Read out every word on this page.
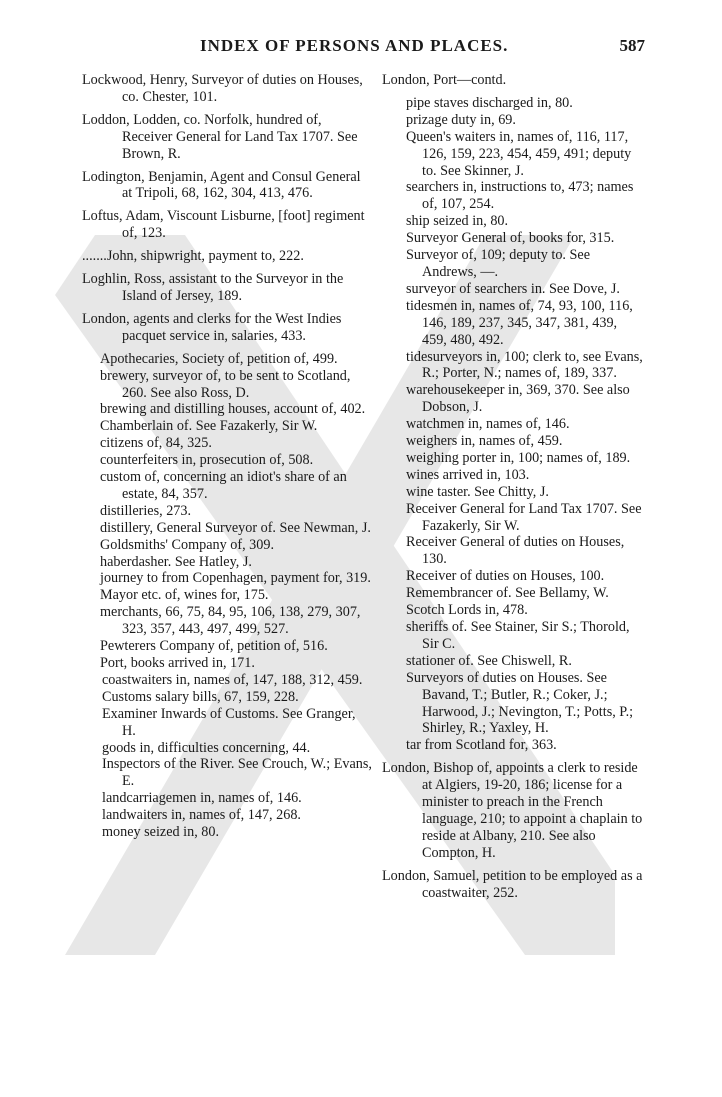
INDEX OF PERSONS AND PLACES.	587
Lockwood, Henry, Surveyor of duties on Houses, co. Chester, 101.
Loddon, Lodden, co. Norfolk, hundred of, Receiver General for Land Tax 1707. See Brown, R.
Lodington, Benjamin, Agent and Consul General at Tripoli, 68, 162, 304, 413, 476.
Loftus, Adam, Viscount Lisburne, [foot] regiment of, 123.
.......John, shipwright, payment to, 222.
Loghlin, Ross, assistant to the Surveyor in the Island of Jersey, 189.
London, agents and clerks for the West Indies pacquet service in, salaries, 433.
Apothecaries, Society of, petition of, 499.
brewery, surveyor of, to be sent to Scotland, 260. See also Ross, D.
brewing and distilling houses, account of, 402.
Chamberlain of. See Fazakerly, Sir W.
citizens of, 84, 325.
counterfeiters in, prosecution of, 508.
custom of, concerning an idiot's share of an estate, 84, 357.
distilleries, 273.
distillery, General Surveyor of. See Newman, J.
Goldsmiths' Company of, 309.
haberdasher. See Hatley, J.
journey to from Copenhagen, payment for, 319.
Mayor etc. of, wines for, 175.
merchants, 66, 75, 84, 95, 106, 138, 279, 307, 323, 357, 443, 497, 499, 527.
Pewterers Company of, petition of, 516.
Port, books arrived in, 171.
coastwaiters in, names of, 147, 188, 312, 459.
Customs salary bills, 67, 159, 228.
Examiner Inwards of Customs. See Granger, H.
goods in, difficulties concerning, 44.
Inspectors of the River. See Crouch, W.; Evans, E.
landcarriagemen in, names of, 146.
landwaiters in, names of, 147, 268.
money seized in, 80.
London, Port—contd.
pipe staves discharged in, 80.
prizage duty in, 69.
Queen's waiters in, names of, 116, 117, 126, 159, 223, 454, 459, 491; deputy to. See Skinner, J.
searchers in, instructions to, 473; names of, 107, 254.
ship seized in, 80.
Surveyor General of, books for, 315.
Surveyor of, 109; deputy to. See Andrews, —.
surveyor of searchers in. See Dove, J.
tidesmen in, names of, 74, 93, 100, 116, 146, 189, 237, 345, 347, 381, 439, 459, 480, 492.
tidesurveyors in, 100; clerk to, see Evans, R.; Porter, N.; names of, 189, 337.
warehousekeeper in, 369, 370. See also Dobson, J.
watchmen in, names of, 146.
weighers in, names of, 459.
weighing porter in, 100; names of, 189.
wines arrived in, 103.
wine taster. See Chitty, J.
Receiver General for Land Tax 1707. See Fazakerly, Sir W.
Receiver General of duties on Houses, 130.
Receiver of duties on Houses, 100.
Remembrancer of. See Bellamy, W.
Scotch Lords in, 478.
sheriffs of. See Stainer, Sir S.; Thorold, Sir C.
stationer of. See Chiswell, R.
Surveyors of duties on Houses. See Bavand, T.; Butler, R.; Coker, J.; Harwood, J.; Nevington, T.; Potts, P.; Shirley, R.; Yaxley, H.
tar from Scotland for, 363.
London, Bishop of, appoints a clerk to reside at Algiers, 19-20, 186; license for a minister to preach in the French language, 210; to appoint a chaplain to reside at Albany, 210. See also Compton, H.
London, Samuel, petition to be employed as a coastwaiter, 252.
